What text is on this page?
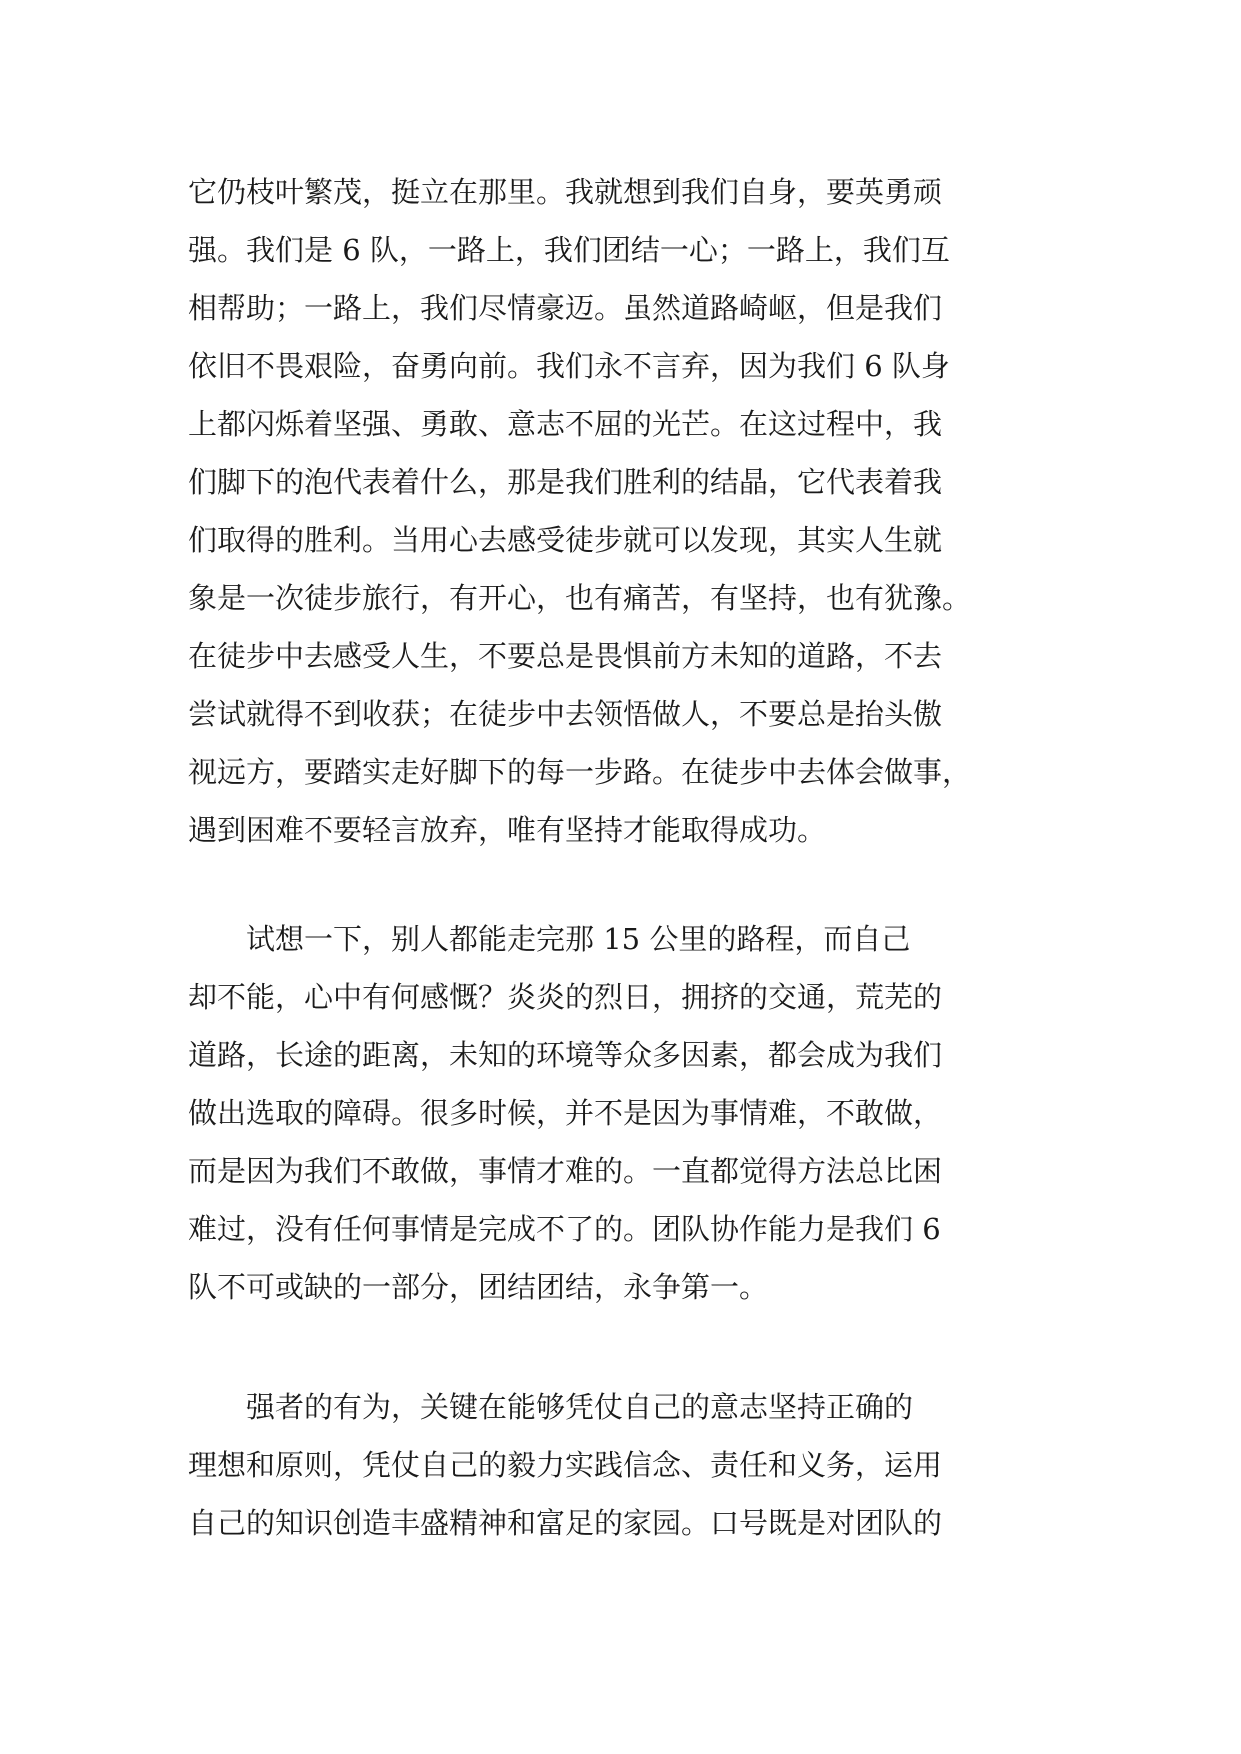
它仍枝叶繁茂，挺立在那里。我就想到我们自身，要英勇顽
强。我们是 6 队，一路上，我们团结一心；一路上，我们互
相帮助；一路上，我们尽情豪迈。虽然道路崎岖，但是我们
依旧不畏艰险，奋勇向前。我们永不言弃，因为我们 6 队身
上都闪烁着坚强、勇敢、意志不屈的光芒。在这过程中，我
们脚下的泡代表着什么，那是我们胜利的结晶，它代表着我
们取得的胜利。当用心去感受徒步就可以发现，其实人生就
象是一次徒步旅行，有开心，也有痛苦，有坚持，也有犹豫。
在徒步中去感受人生，不要总是畏惧前方未知的道路，不去
尝试就得不到收获；在徒步中去领悟做人，不要总是抬头傲
视远方，要踏实走好脚下的每一步路。在徒步中去体会做事，
遇到困难不要轻言放弃，唯有坚持才能取得成功。
　　试想一下，别人都能走完那 15 公里的路程，而自己
却不能，心中有何感慨？炎炎的烈日，拥挤的交通，荒芜的
道路，长途的距离，未知的环境等众多因素，都会成为我们
做出选取的障碍。很多时候，并不是因为事情难，不敢做，
而是因为我们不敢做，事情才难的。一直都觉得方法总比困
难过，没有任何事情是完成不了的。团队协作能力是我们 6
队不可或缺的一部分，团结团结，永争第一。
　　强者的有为，关键在能够凭仗自己的意志坚持正确的
理想和原则，凭仗自己的毅力实践信念、责任和义务，运用
自己的知识创造丰盛精神和富足的家园。口号既是对团队的
